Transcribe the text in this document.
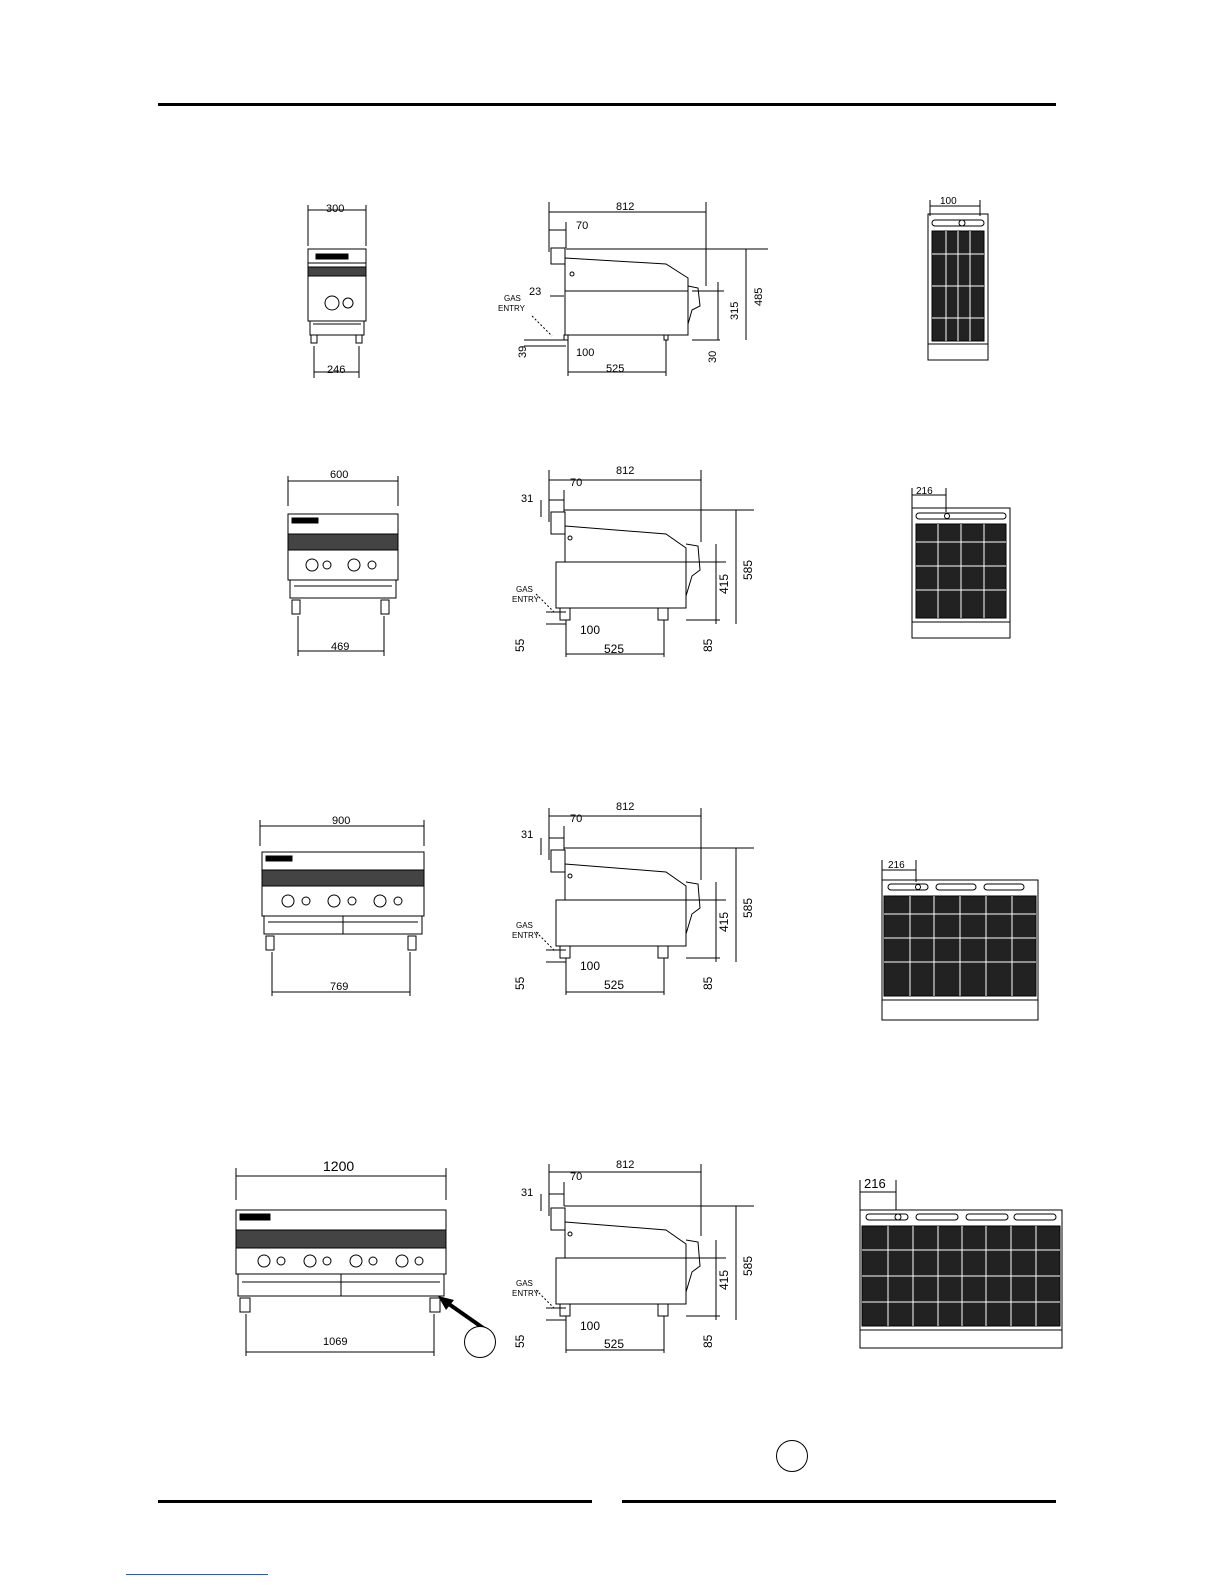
300
246
812
70
23
GAS
ENTRY
485
315
30
39	100
525
100
600
469
812
70
31
GAS
ENTRY
585
415
85
55
100
525
216
900
769
812
70
31
GAS
ENTRY
585
415
85
55
100
525
216
1200
1069
812
70
31
GAS
ENTRY
585
415
85
55
100
525
216
